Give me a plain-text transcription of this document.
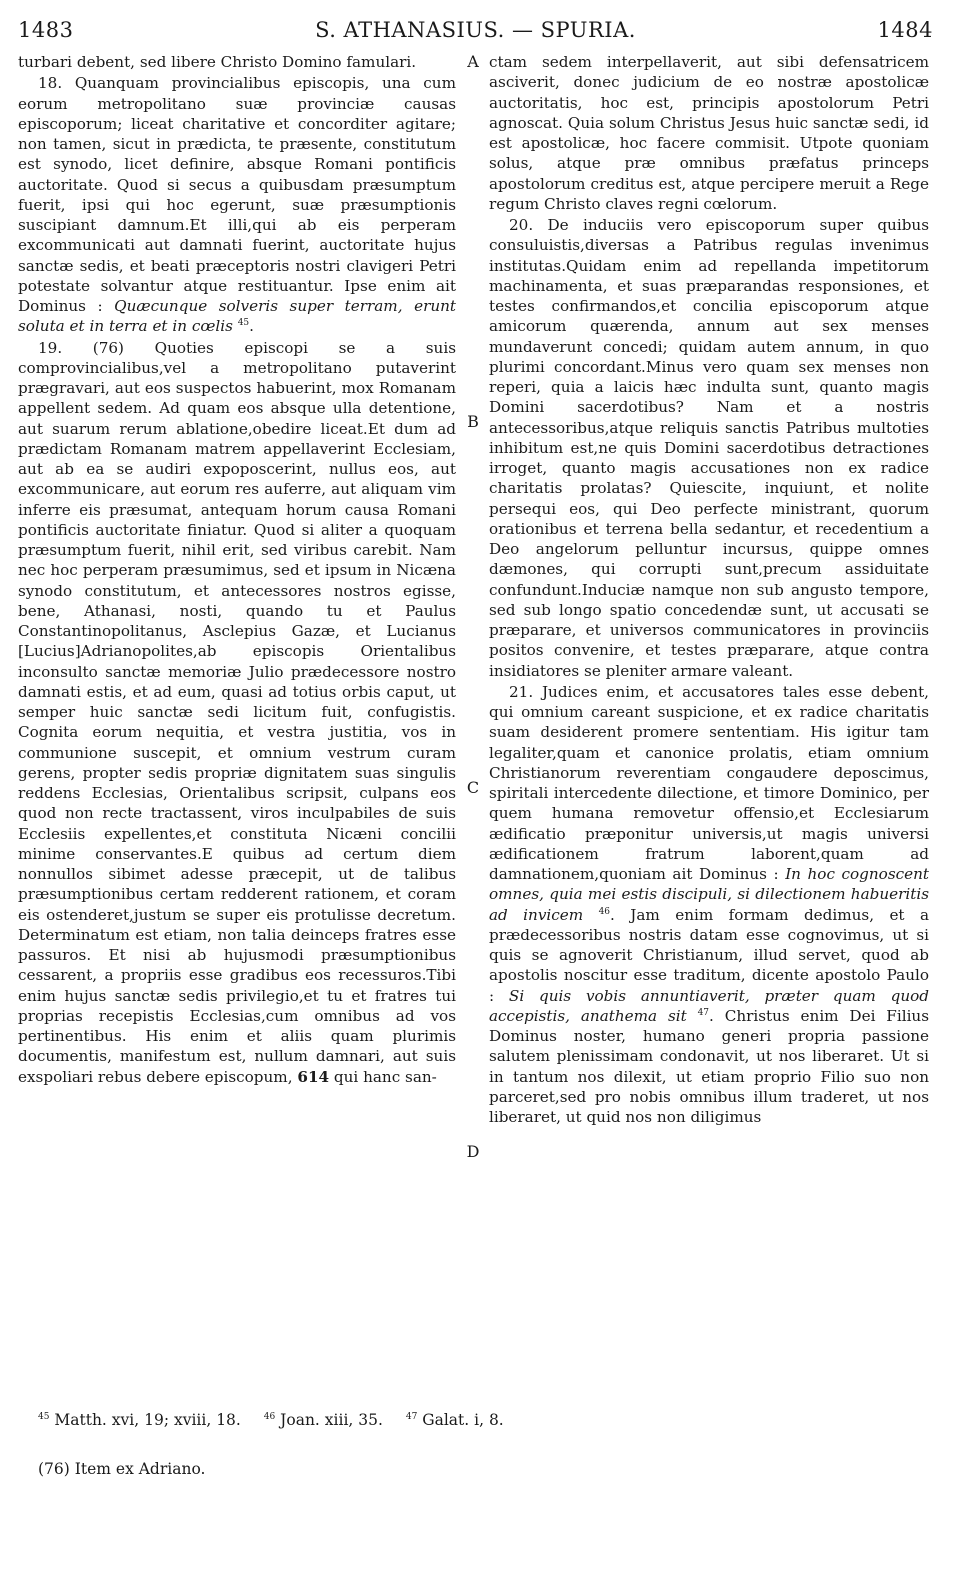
1483	S. ATHANASIUS. — SPURIA.	1484

turbari debent, sed libere Christo Domino famulari.

18. Quanquam provincialibus episcopis, una cum eorum metropolitano suæ provinciæ causas episcoporum; liceat charitative et concorditer agitare; non tamen, sicut in prædicta, te præsente, constitutum est synodo, licet definire, absque Romani pontificis auctoritate. Quod si secus a quibusdam præsumptum fuerit, ipsi qui hoc egerunt, suæ præsumptionis suscipiant damnum.Et illi,qui ab eis perperam excommunicati aut damnati fuerint, auctoritate hujus sanctæ sedis, et beati præceptoris nostri clavigeri Petri potestate solvantur atque restituantur. Ipse enim ait Dominus : Quæcunque solveris super terram, erunt soluta et in terra et in cœlis $^{45}$.

19. (76) Quoties episcopi se a suis comprovincialibus,vel a metropolitano putaverint prægravari, aut eos suspectos habuerint, mox Romanam appellent sedem. Ad quam eos absque ulla detentione, aut suarum rerum ablatione,obedire liceat.Et dum ad prædictam Romanam matrem appellaverint Ecclesiam, aut ab ea se audiri expoposcerint, nullus eos, aut excommunicare, aut eorum res auferre, aut aliquam vim inferre eis præsumat, antequam horum causa Romani pontificis auctoritate finiatur. Quod si aliter a quoquam præsumptum fuerit, nihil erit, sed viribus carebit. Nam nec hoc perperam præsumimus, sed et ipsum in Nicæna synodo constitutum, et antecessores nostros egisse, bene, Athanasi, nosti, quando tu et Paulus Constantinopolitanus, Asclepius Gazæ, et Lucianus [Lucius]Adrianopolites,ab episcopis Orientalibus inconsulto sanctæ memoriæ Julio prædecessore nostro damnati estis, et ad eum, quasi ad totius orbis caput, ut semper huic sanctæ sedi licitum fuit, confugistis. Cognita eorum nequitia, et vestra justitia, vos in communione suscepit, et omnium vestrum curam gerens, propter sedis propriæ dignitatem suas singulis reddens Ecclesias, Orientalibus scripsit, culpans eos quod non recte tractassent, viros inculpabiles de suis Ecclesiis expellentes,et constituta Nicæni concilii minime conservantes.E quibus ad certum diem nonnullos sibimet adesse præcepit, ut de talibus præsumptionibus certam redderent rationem, et coram eis ostenderet,justum se super eis protulisse decretum. Determinatum est etiam, non talia deinceps fratres esse passuros. Et nisi ab hujusmodi præsumptionibus cessarent, a propriis esse gradibus eos recessuros.Tibi enim hujus sanctæ sedis privilegio,et tu et fratres tui proprias recepistis Ecclesias,cum omnibus ad vos pertinentibus. His enim et aliis quam plurimis documentis, manifestum est, nullum damnari, aut suis exspoliari rebus debere episcopum, 614 qui hanc san-

A
B
C
D

ctam sedem interpellaverit, aut sibi defensatricem asciverit, donec judicium de eo nostræ apostolicæ auctoritatis, hoc est, principis apostolorum Petri agnoscat. Quia solum Christus Jesus huic sanctæ sedi, id est apostolicæ, hoc facere commisit. Utpote quoniam solus, atque præ omnibus præfatus princeps apostolorum creditus est, atque percipere meruit a Rege regum Christo claves regni cœlorum.

20. De induciis vero episcoporum super quibus consuluistis,diversas a Patribus regulas invenimus institutas.Quidam enim ad repellanda impetitorum machinamenta, et suas præparandas responsiones, et testes confirmandos,et concilia episcoporum atque amicorum quærenda, annum aut sex menses mundaverunt concedi; quidam autem annum, in quo plurimi concordant.Minus vero quam sex menses non reperi, quia a laicis hæc indulta sunt, quanto magis Domini sacerdotibus? Nam et a nostris antecessoribus,atque reliquis sanctis Patribus multoties inhibitum est,ne quis Domini sacerdotibus detractiones irroget, quanto magis accusationes non ex radice charitatis prolatas? Quiescite, inquiunt, et nolite persequi eos, qui Deo perfecte ministrant, quorum orationibus et terrena bella sedantur, et recedentium a Deo angelorum pelluntur incursus, quippe omnes dæmones, qui corrupti sunt,precum assiduitate confundunt.Induciæ namque non sub angusto tempore, sed sub longo spatio concedendæ sunt, ut accusati se præparare, et universos communicatores in provinciis positos convenire, et testes præparare, atque contra insidiatores se pleniter armare valeant.

21. Judices enim, et accusatores tales esse debent, qui omnium careant suspicione, et ex radice charitatis suam desiderent promere sententiam. His igitur tam legaliter,quam et canonice prolatis, etiam omnium Christianorum reverentiam congaudere deposcimus, spiritali intercedente dilectione, et timore Dominico, per quem humana removetur offensio,et Ecclesiarum ædificatio præponitur universis,ut magis universi ædificationem fratrum laborent,quam ad damnationem,quoniam ait Dominus : In hoc cognoscent omnes, quia mei estis discipuli, si dilectionem habueritis ad invicem $^{46}$. Jam enim formam dedimus, et a prædecessoribus nostris datam esse cognovimus, ut si quis se agnoverit Christianum, illud servet, quod ab apostolis noscitur esse traditum, dicente apostolo Paulo : Si quis vobis annuntiaverit, præter quam quod accepistis, anathema sit $^{47}$. Christus enim Dei Filius Dominus noster, humano generi propria passione salutem plenissimam condonavit, ut nos liberaret. Ut si in tantum nos dilexit, ut etiam proprio Filio suo non parceret,sed pro nobis omnibus illum traderet, ut nos liberaret, ut quid nos non diligimus

$^{45}$ Matth. xvi, 19; xviii, 18.	$^{46}$ Joan. xiii, 35.	$^{47}$ Galat. i, 8.
(76) Item ex Adriano.
